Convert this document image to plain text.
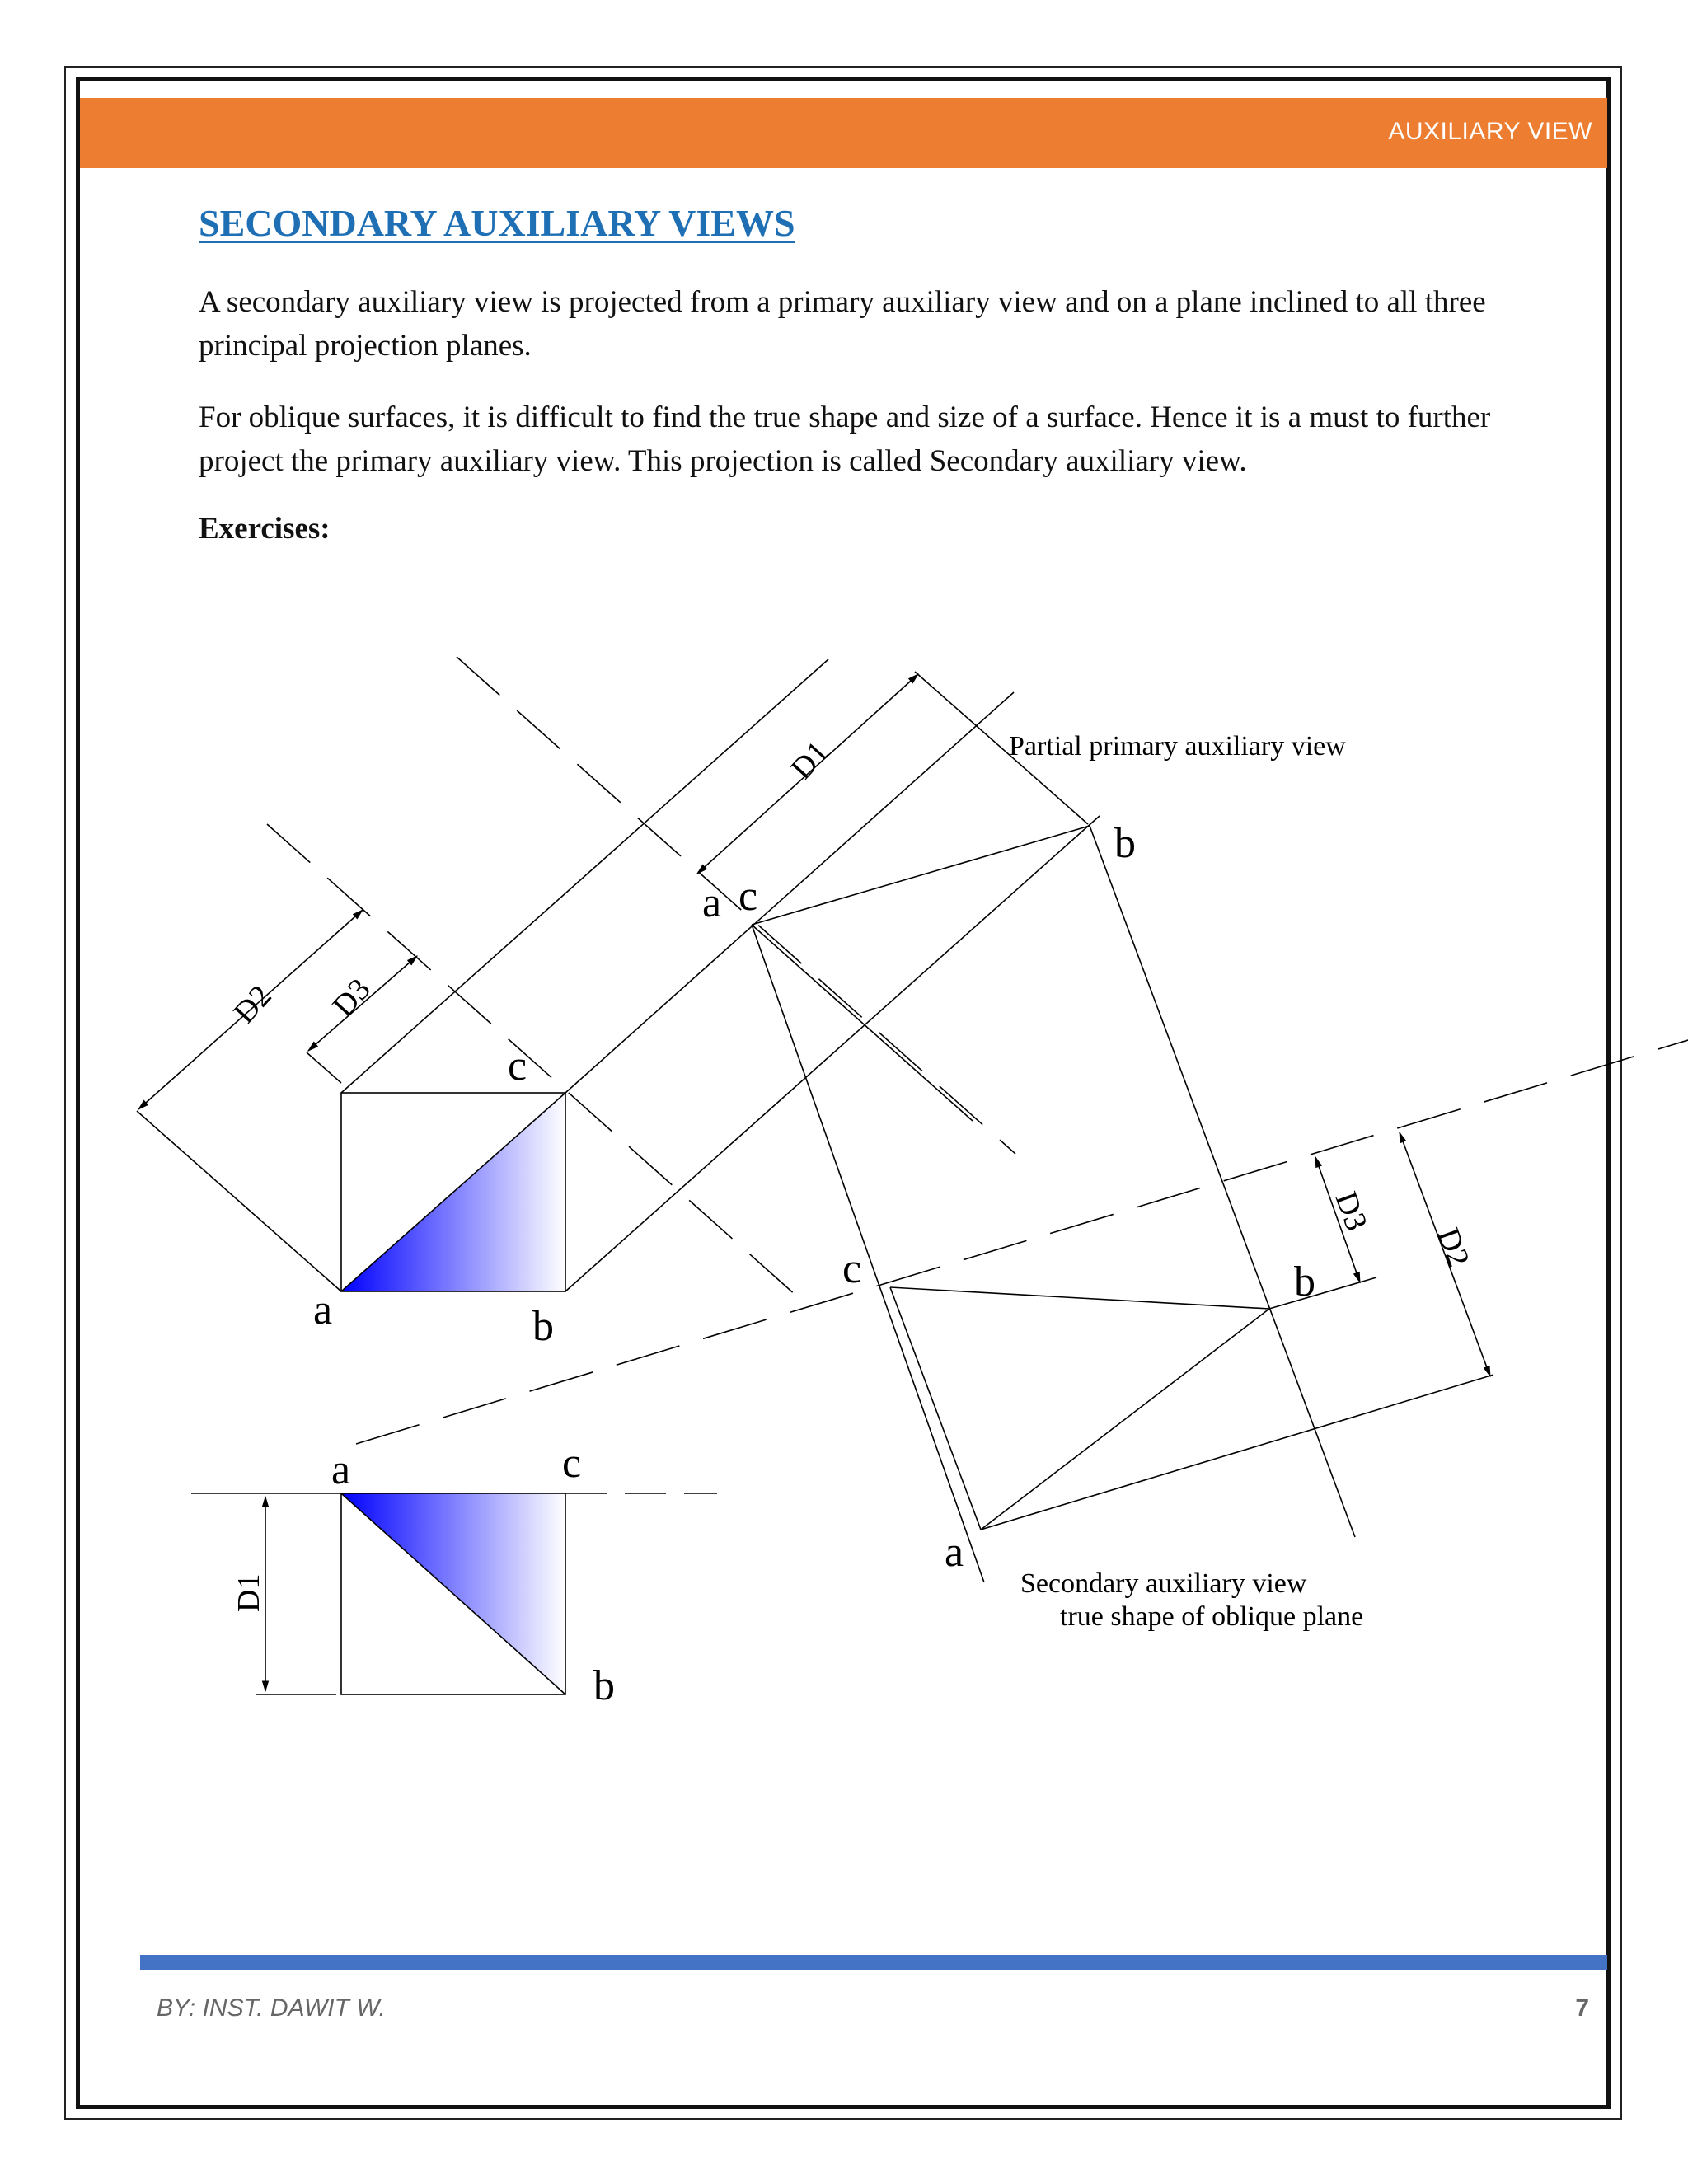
AUXILIARY VIEW
SECONDARY AUXILIARY VIEWS

A secondary auxiliary view is projected from a primary auxiliary view and on a plane inclined to all three principal projection planes.

For oblique surfaces, it is difficult to find the true shape and size of a surface. Hence it is a must to further project the primary auxiliary view. This projection is called Secondary auxiliary view.

Exercises:

c
a	b
a	c
b
a c
b
c	b
a
D1
D2 D3
D1
D3
D2
Partial primary auxiliary view
Secondary auxiliary view
true shape of oblique plane
BY: INST. DAWIT W.	7
